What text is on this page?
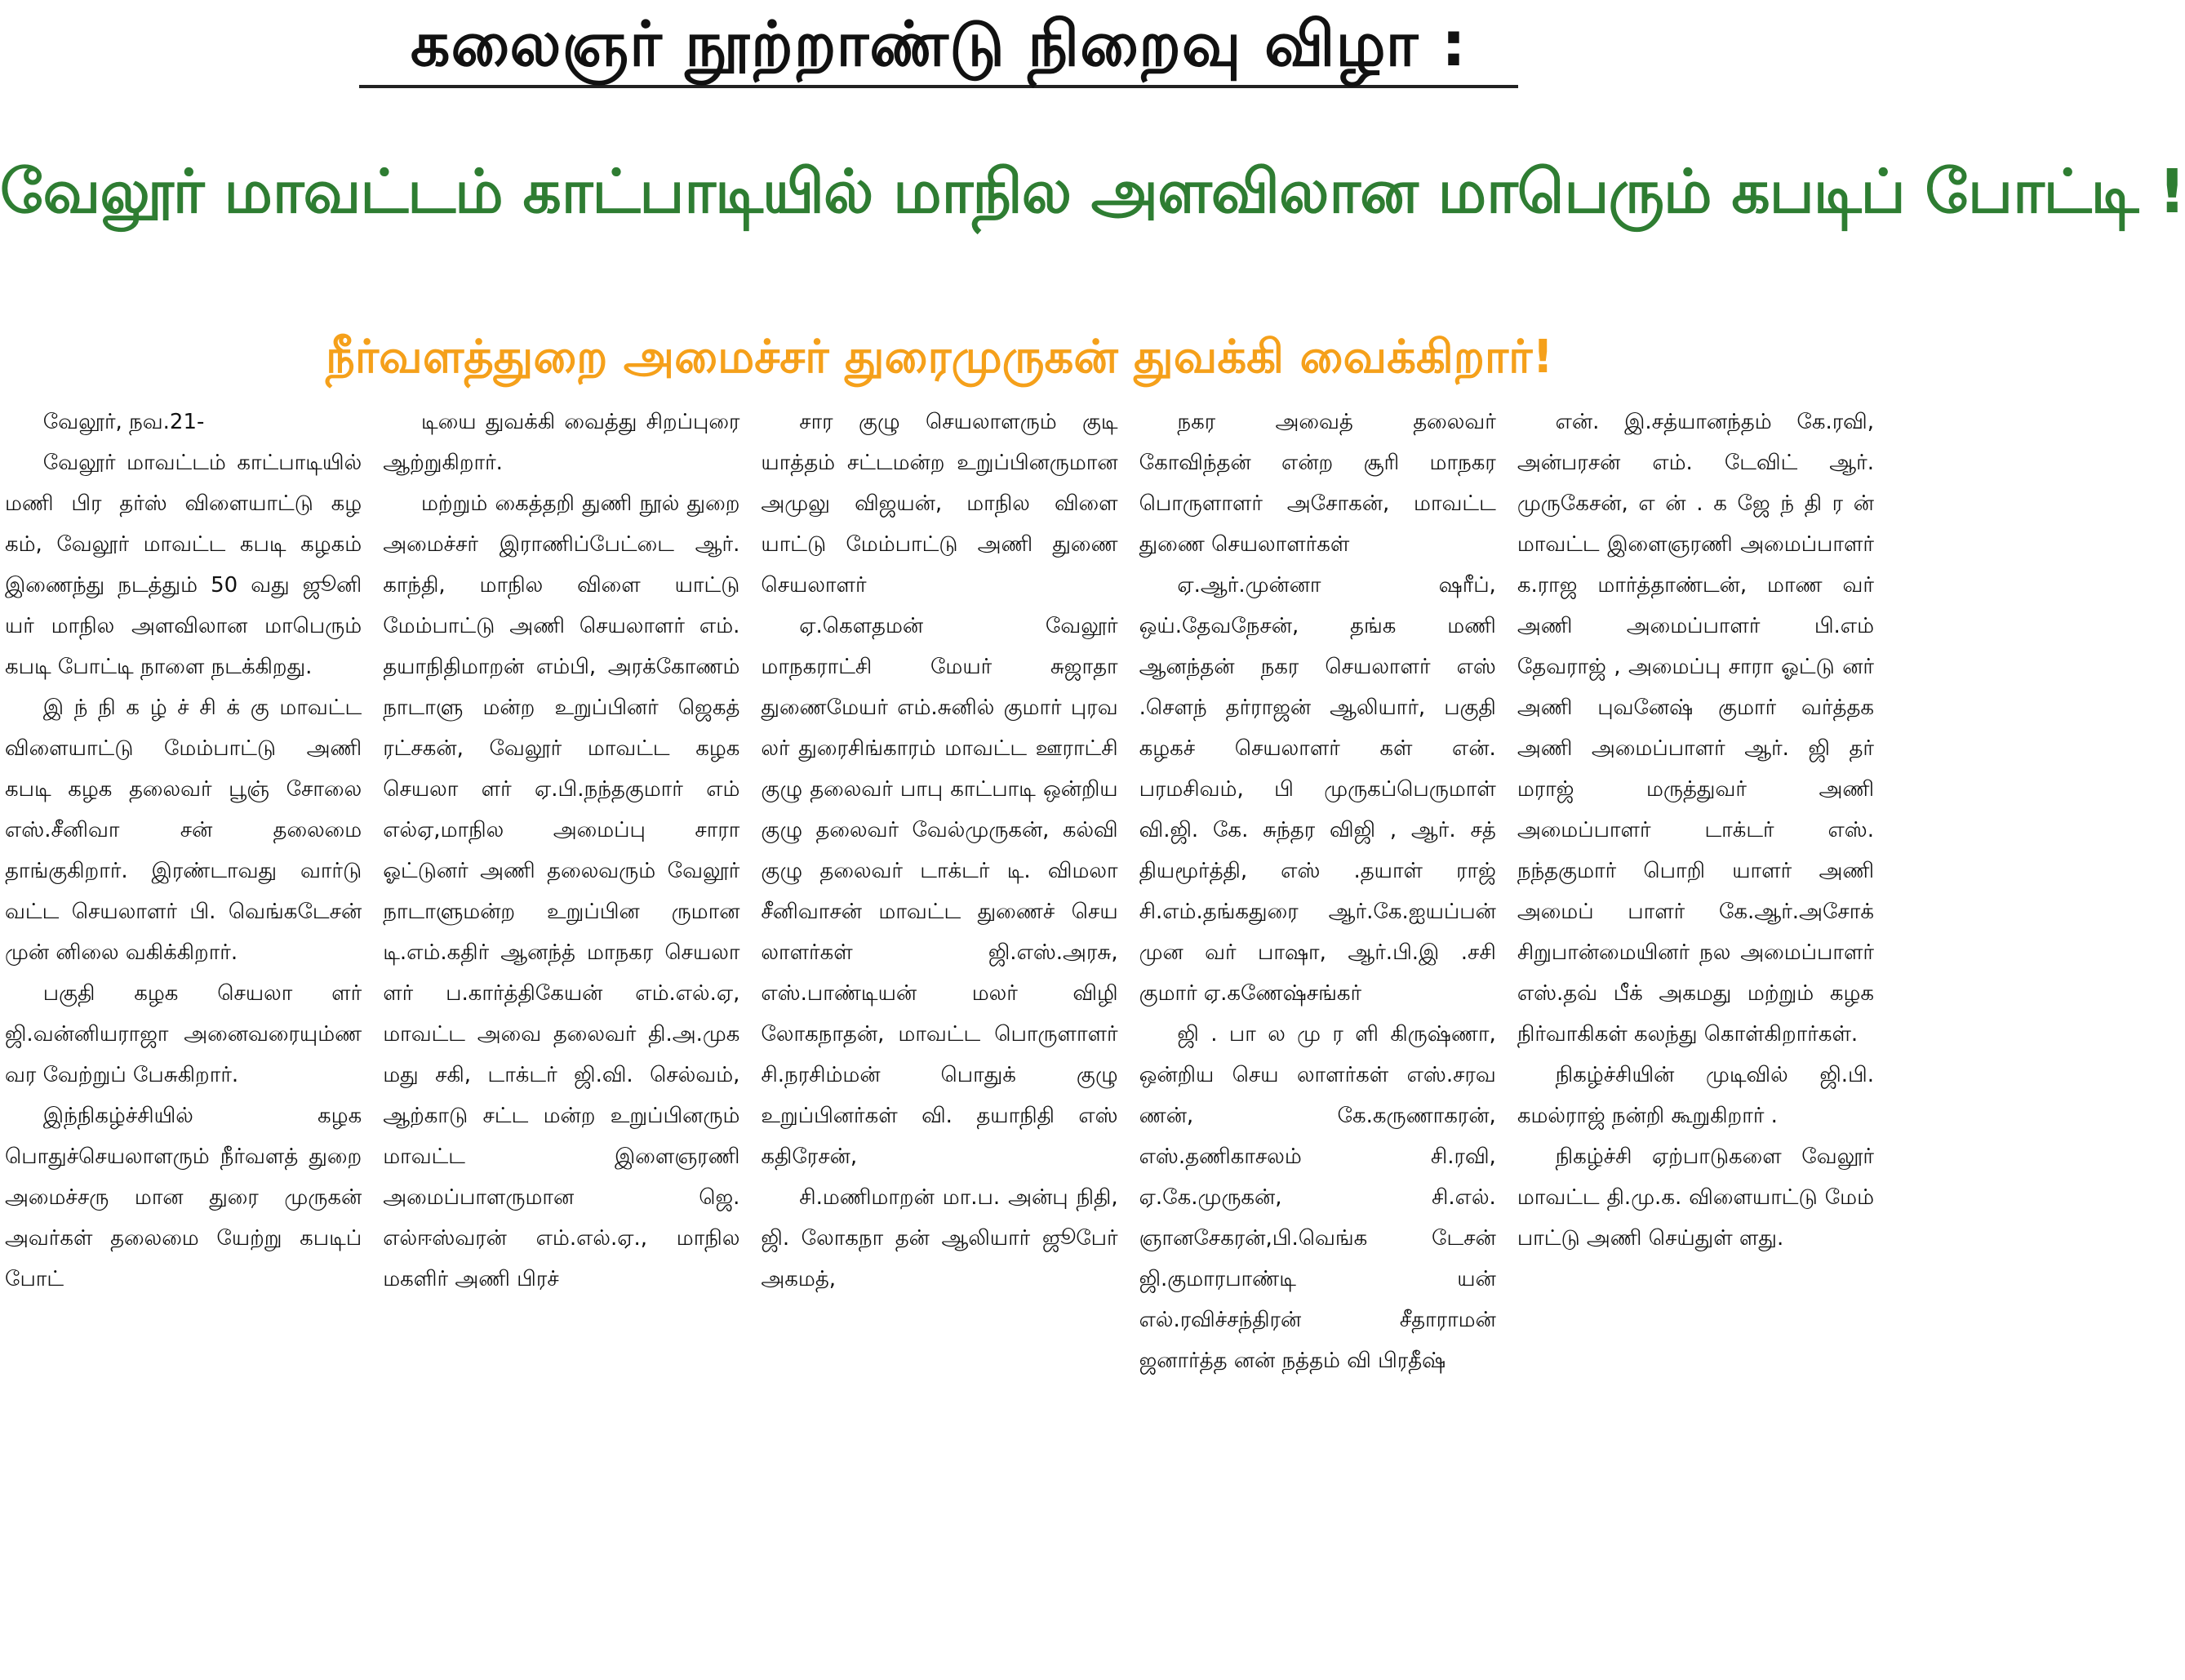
கலைஞர் நூற்றாண்டு நிறைவு விழா :
வேலூர் மாவட்டம் காட்பாடியில் மாநில அளவிலான மாபெரும் கபடிப் போட்டி !
நீர்வளத்துறை அமைச்சர் துரைமுருகன் துவக்கி வைக்கிறார்!

வேலூர், நவ.21-

வேலூர் மாவட்டம் காட்பாடியில் மணி பிர தர்ஸ் விளையாட்டு கழ கம், வேலூர் மாவட்ட கபடி கழகம் இணைந்து நடத்தும் 50 வது ஜூனி யர் மாநில அளவிலான மாபெரும் கபடி போட்டி நாளை நடக்கிறது.

இ ந் நி க ழ் ச் சி க் கு மாவட்ட விளையாட்டு மேம்பாட்டு அணி கபடி கழக தலைவர் பூஞ் சோலை எஸ்.சீனிவா சன் தலைமை தாங்குகிறார். இரண்டாவது வார்டு வட்ட செயலாளர் பி. வெங்கடேசன் முன் னிலை வகிக்கிறார்.

பகுதி கழக செயலா ளர் ஜி.வன்னியராஜா அனைவரையும்ண வர வேற்றுப் பேசுகிறார்.

இந்நிகழ்ச்சியில் கழக பொதுச்செயலாளரும் நீர்வளத் துறை அமைச்சரு மான துரை முருகன் அவர்கள் தலைமை யேற்று கபடிப் போட்

டியை துவக்கி வைத்து சிறப்புரை ஆற்றுகிறார்.

மற்றும் கைத்தறி துணி நூல் துறை அமைச்சர் இராணிப்பேட்டை ஆர். காந்தி, மாநில விளை யாட்டு மேம்பாட்டு அணி செயலாளர் எம். தயாநிதிமாறன் எம்பி, அரக்கோணம் நாடாளு மன்ற உறுப்பினர் ஜெகத் ரட்சகன், வேலூர் மாவட்ட கழக செயலா ளர் ஏ.பி.நந்தகுமார் எம் எல்ஏ,மாநில அமைப்பு சாரா ஓட்டுனர் அணி தலைவரும் வேலூர் நாடாளுமன்ற உறுப்பின ருமான டி.எம்.கதிர் ஆனந்த் மாநகர செயலா ளர் ப.கார்த்திகேயன் எம்.எல்.ஏ, மாவட்ட அவை தலைவர் தி.அ.முக மது சகி, டாக்டர் ஜி.வி. செல்வம், ஆற்காடு சட்ட மன்ற உறுப்பினரும் மாவட்ட இளைஞரணி அமைப்பாளருமான ஜெ. எல்ஈஸ்வரன் எம்.எல்.ஏ., மாநில மகளிர் அணி பிரச்

சார குழு செயலாளரும் குடி யாத்தம் சட்டமன்ற உறுப்பினருமான அமுலு விஜயன், மாநில விளை யாட்டு மேம்பாட்டு அணி துணை செயலாளர்

ஏ.கௌதமன் வேலூர் மாநகராட்சி மேயர் சுஜாதா துணைமேயர் எம்.சுனில் குமார் புரவ லர் துரைசிங்காரம் மாவட்ட ஊராட்சி குழு தலைவர் பாபு காட்பாடி ஒன்றிய குழு தலைவர் வேல்முருகன், கல்வி குழு தலைவர் டாக்டர் டி. விமலா சீனிவாசன் மாவட்ட துணைச் செய லாளர்கள் ஜி.எஸ்.அரசு, எஸ்.பாண்டியன் மலர் விழி லோகநாதன், மாவட்ட பொருளாளர் சி.நரசிம்மன் பொதுக் குழு உறுப்பினர்கள் வி. தயாநிதி எஸ் கதிரேசன்,

சி.மணிமாறன் மா.ப. அன்பு நிதி, ஜி. லோகநா தன் ஆலியார் ஜூபேர் அகமத்,

நகர அவைத் தலைவர் கோவிந்தன் என்ற சூரி மாநகர பொருளாளர் அசோகன், மாவட்ட துணை செயலாளர்கள்

ஏ.ஆர்.முன்னா ஷரீப், ஒய்.தேவநேசன், தங்க மணி ஆனந்தன் நகர செயலாளர் எஸ் .சௌந் தர்ராஜன் ஆலியார், பகுதி கழகச் செயலாளர் கள் என். பரமசிவம், பி முருகப்பெருமாள் வி.ஜி. கே. சுந்தர விஜி , ஆர். சத் தியமூர்த்தி, எஸ் .தயாள் ராஜ் சி.எம்.தங்கதுரை ஆர்.கே.ஐயப்பன் முன வர் பாஷா, ஆர்.பி.இ .சசி குமார் ஏ.கணேஷ்சங்கர்

ஜி . பா ல மு ர ளி கிருஷ்ணா, ஒன்றிய செய லாளர்கள் எஸ்.சரவ ணன், கே.கருணாகரன், எஸ்.தணிகாசலம் சி.ரவி, ஏ.கே.முருகன், சி.எல். ஞானசேகரன்,பி.வெங்க டேசன் ஜி.குமாரபாண்டி யன் எல்.ரவிச்சந்திரன் சீதாராமன் ஜனார்த்த னன் நத்தம் வி பிரதீஷ்

என். இ.சத்யானந்தம் கே.ரவி, அன்பரசன் எம். டேவிட் ஆர். முருகேசன், எ ன் . க ஜே ந் தி ர ன் மாவட்ட இளைஞரணி அமைப்பாளர் க.ராஜ மார்த்தாண்டன், மாண வர் அணி அமைப்பாளர் பி.எம் தேவராஜ் , அமைப்பு சாரா ஓட்டு னர் அணி புவனேஷ் குமார் வர்த்தக அணி அமைப்பாளர் ஆர். ஜி தர் மராஜ் மருத்துவர் அணி அமைப்பாளர் டாக்டர் எஸ். நந்தகுமார் பொறி யாளர் அணி அமைப் பாளர் கே.ஆர்.அசோக் சிறுபான்மையினர் நல அமைப்பாளர் எஸ்.தவ் பீக் அகமது மற்றும் கழக நிர்வாகிகள் கலந்து கொள்கிறார்கள்.

நிகழ்ச்சியின் முடிவில் ஜி.பி. கமல்ராஜ் நன்றி கூறுகிறார் .

நிகழ்ச்சி ஏற்பாடுகளை வேலூர் மாவட்ட தி.மு.க. விளையாட்டு மேம் பாட்டு அணி செய்துள் ளது.
